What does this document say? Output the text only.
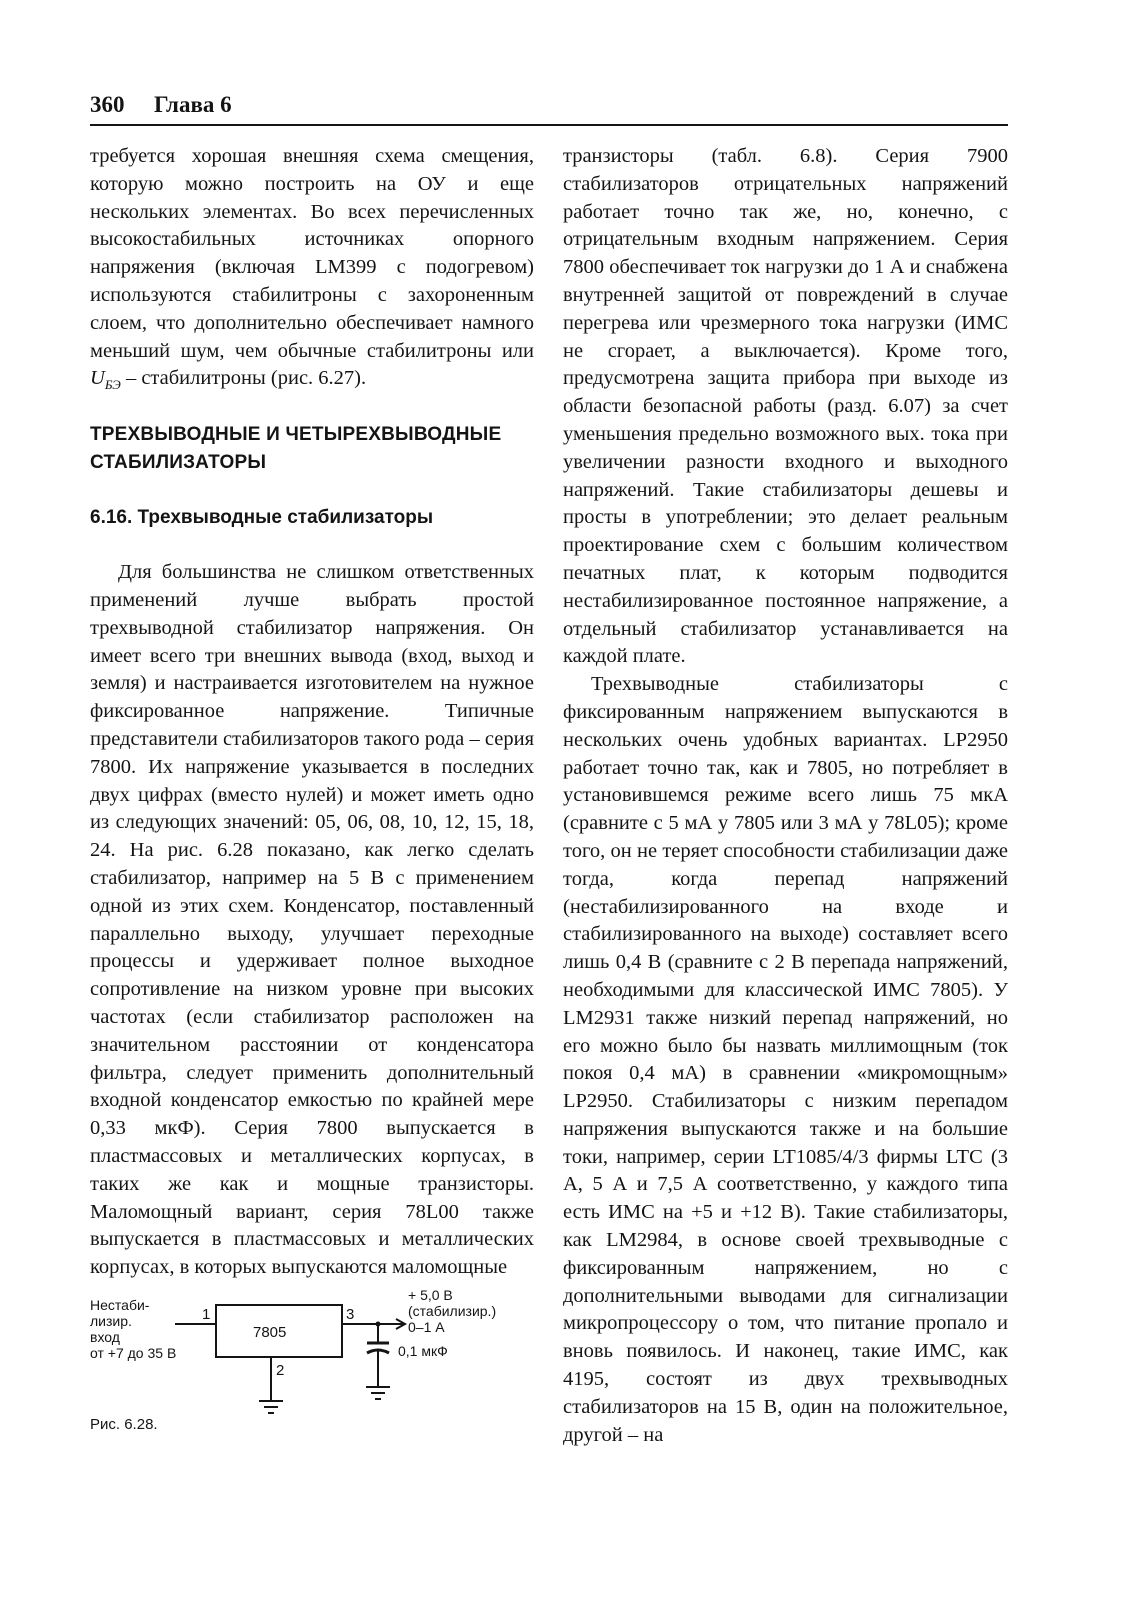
360 Глава 6

требуется хорошая внешняя схема смещения, которую можно построить на ОУ и еще нескольких элементах. Во всех перечисленных высокостабильных источниках опорного напряжения (включая LM399 с подогревом) используются стабилитроны с захороненным слоем, что дополнительно обеспечивает намного меньший шум, чем обычные стабилитроны или $U_{БЭ}$ – стабилитроны (рис. 6.27).

ТРЕХВЫВОДНЫЕ И ЧЕТЫРЕХВЫВОДНЫЕ СТАБИЛИЗАТОРЫ
6.16. Трехвыводные стабилизаторы

Для большинства не слишком ответственных применений лучше выбрать простой трехвыводной стабилизатор напряжения. Он имеет всего три внешних вывода (вход, выход и земля) и настраивается изготовителем на нужное фиксированное напряжение. Типичные представители стабилизаторов такого рода – серия 7800. Их напряжение указывается в последних двух цифрах (вместо нулей) и может иметь одно из следующих значений: 05, 06, 08, 10, 12, 15, 18, 24. На рис. 6.28 показано, как легко сделать стабилизатор, например на 5 В с применением одной из этих схем. Конденсатор, поставленный параллельно выходу, улучшает переходные процессы и удерживает полное выходное сопротивление на низком уровне при высоких частотах (если стабилизатор расположен на значительном расстоянии от конденсатора фильтра, следует применить дополнительный входной конденсатор емкостью по крайней мере 0,33 мкФ). Серия 7800 выпускается в пластмассовых и металлических корпусах, в таких же как и мощные транзисторы. Маломощный вариант, серия 78L00 также выпускается в пластмассовых и металлических корпусах, в которых выпускаются маломощные

транзисторы (табл. 6.8). Серия 7900 стабилизаторов отрицательных напряжений работает точно так же, но, конечно, с отрицательным входным напряжением. Серия 7800 обеспечивает ток нагрузки до 1 А и снабжена внутренней защитой от повреждений в случае перегрева или чрезмерного тока нагрузки (ИМС не сгорает, а выключается). Кроме того, предусмотрена защита прибора при выходе из области безопасной работы (разд. 6.07) за счет уменьшения предельно возможного вых. тока при увеличении разности входного и выходного напряжений. Такие стабилизаторы дешевы и просты в употреблении; это делает реальным проектирование схем с большим количеством печатных плат, к которым подводится нестабилизированное постоянное напряжение, а отдельный стабилизатор устанавливается на каждой плате.

Трехвыводные стабилизаторы с фиксированным напряжением выпускаются в нескольких очень удобных вариантах. LP2950 работает точно так, как и 7805, но потребляет в установившемся режиме всего лишь 75 мкА (сравните с 5 мА у 7805 или 3 мА у 78L05); кроме того, он не теряет способности стабилизации даже тогда, когда перепад напряжений (нестабилизированного на входе и стабилизированного на выходе) составляет всего лишь 0,4 В (сравните с 2 В перепада напряжений, необходимыми для классической ИМС 7805). У LM2931 также низкий перепад напряжений, но его можно было бы назвать миллимощным (ток покоя 0,4 мА) в сравнении «микромощным» LP2950. Стабилизаторы с низким перепадом напряжения выпускаются также и на большие токи, например, серии LT1085/4/3 фирмы LTC (3 А, 5 А и 7,5 А соответственно, у каждого типа есть ИМС на +5 и +12 В). Такие стабилизаторы, как LM2984, в основе своей трехвыводные с фиксированным напряжением, но с дополнительными выводами для сигнализации микропроцессору о том, что питание пропало и вновь появилось. И наконец, такие ИМС, как 4195, состоят из двух трехвыводных стабилизаторов на 15 В, один на положительное, другой – на

1
7805
3
2
Нестаби-
лизир.
вход
от +7 до 35 В
+ 5,0 В
(стабилизир.)
0–1 А
0,1 мкФ
Рис. 6.28.
